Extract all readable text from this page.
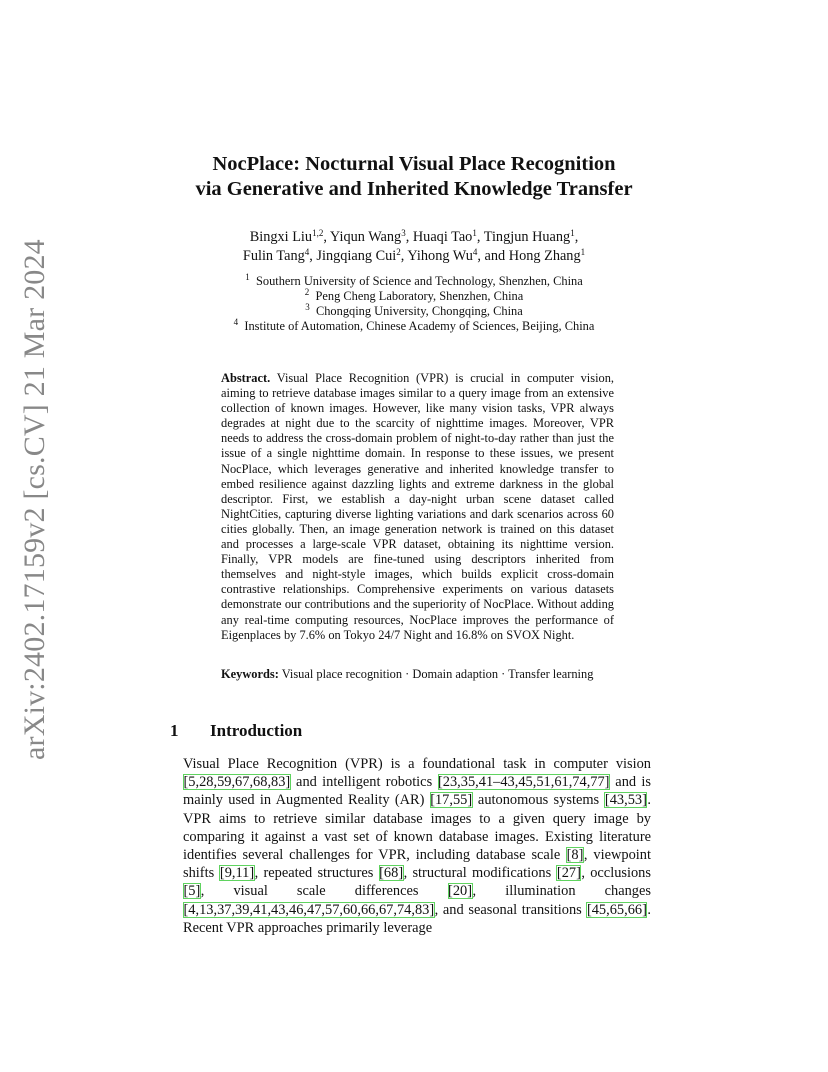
arXiv:2402.17159v2 [cs.CV] 21 Mar 2024
NocPlace: Nocturnal Visual Place Recognition
via Generative and Inherited Knowledge Transfer
Bingxi Liu$^{1,2}$, Yiqun Wang$^3$, Huaqi Tao$^1$, Tingjun Huang$^1$,
Fulin Tang$^4$, Jingqiang Cui$^2$, Yihong Wu$^4$, and Hong Zhang$^1$
$^1$ Southern University of Science and Technology, Shenzhen, China
$^2$ Peng Cheng Laboratory, Shenzhen, China
$^3$ Chongqing University, Chongqing, China
$^4$ Institute of Automation, Chinese Academy of Sciences, Beijing, China
Abstract. Visual Place Recognition (VPR) is crucial in computer vision, aiming to retrieve database images similar to a query image from an extensive collection of known images. However, like many vision tasks, VPR always degrades at night due to the scarcity of nighttime images. Moreover, VPR needs to address the cross-domain problem of night-to-day rather than just the issue of a single nighttime domain. In response to these issues, we present NocPlace, which leverages generative and inherited knowledge transfer to embed resilience against dazzling lights and extreme darkness in the global descriptor. First, we establish a day-night urban scene dataset called NightCities, capturing diverse lighting variations and dark scenarios across 60 cities globally. Then, an image generation network is trained on this dataset and processes a large-scale VPR dataset, obtaining its nighttime version. Finally, VPR models are fine-tuned using descriptors inherited from themselves and night-style images, which builds explicit cross-domain contrastive relationships. Comprehensive experiments on various datasets demonstrate our contributions and the superiority of NocPlace. Without adding any real-time computing resources, NocPlace improves the performance of Eigenplaces by 7.6% on Tokyo 24/7 Night and 16.8% on SVOX Night.
Keywords: Visual place recognition · Domain adaption · Transfer learning
1 Introduction
Visual Place Recognition (VPR) is a foundational task in computer vision [5,28,59,67,68,83] and intelligent robotics [23,35,41–43,45,51,61,74,77] and is mainly used in Augmented Reality (AR) [17,55] autonomous systems [43,53]. VPR aims to retrieve similar database images to a given query image by comparing it against a vast set of known database images. Existing literature identifies several challenges for VPR, including database scale [8], viewpoint shifts [9,11], repeated structures [68], structural modifications [27], occlusions [5], visual scale differences [20], illumination changes [4,13,37,39,41,43,46,47,57,60,66,67,74,83], and seasonal transitions [45,65,66]. Recent VPR approaches primarily leverage
